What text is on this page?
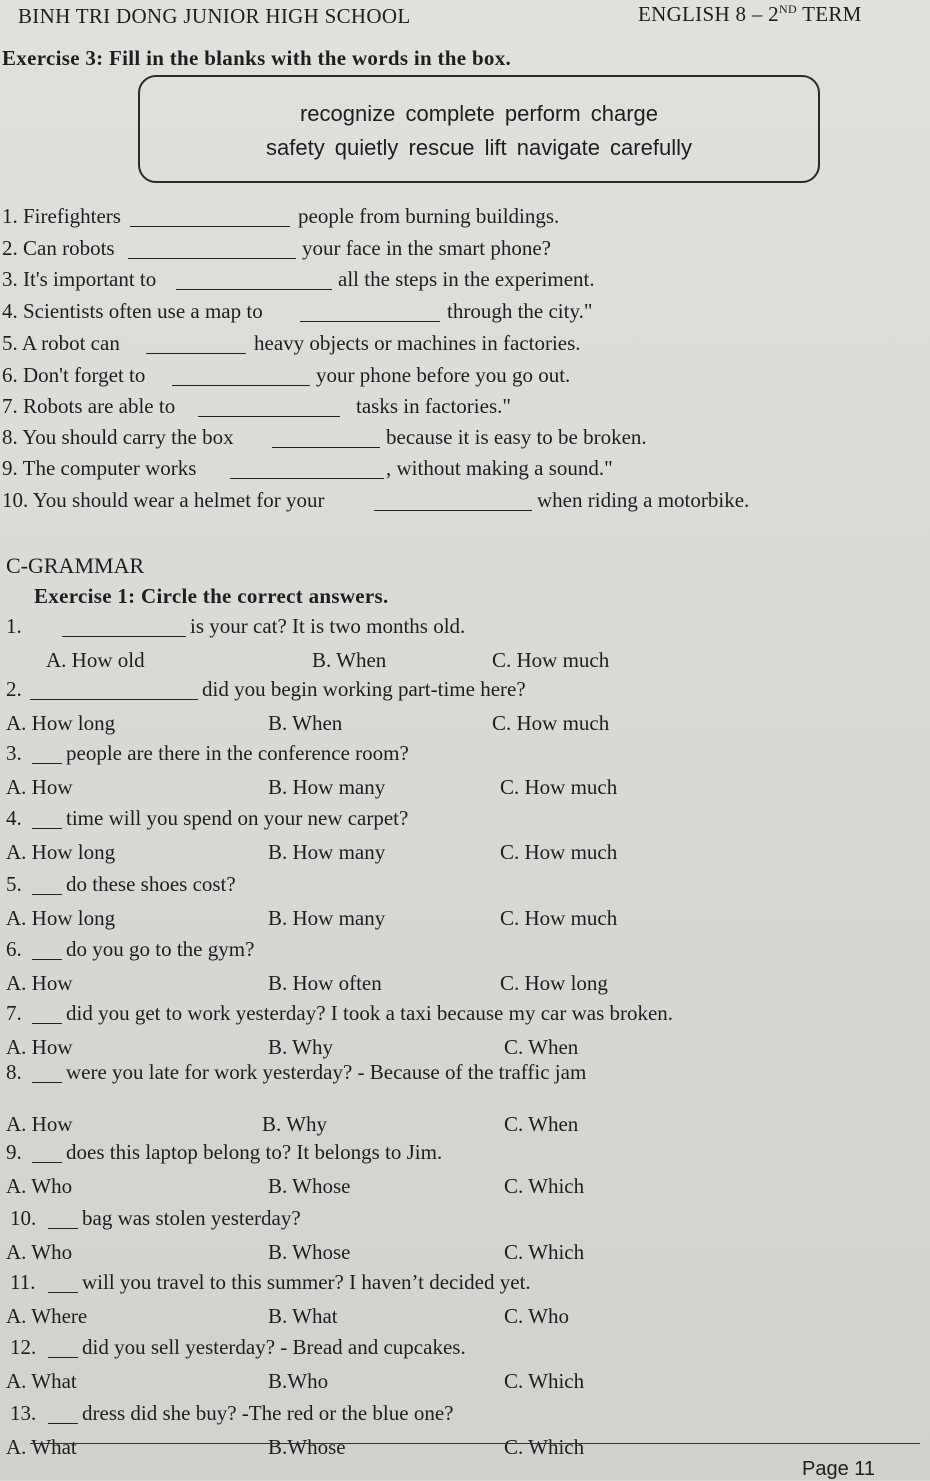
BINH TRI DONG JUNIOR HIGH SCHOOL	ENGLISH 8 – 2ND TERM
Exercise 3: Fill in the blanks with the words in the box.
recognize complete perform charge
safety quietly rescue lift navigate carefully
1. Firefighters	people from burning buildings.
2. Can robots	your face in the smart phone?
3. It's important to	all the steps in the experiment.
4. Scientists often use a map to	through the city."
5. A robot can	heavy objects or machines in factories.
6. Don't forget to	your phone before you go out.
7. Robots are able to	tasks in factories."
8. You should carry the box	because it is easy to be broken.
9. The computer works	, without making a sound."
10. You should wear a helmet for your	when riding a motorbike.
C-GRAMMAR
Exercise 1: Circle the correct answers.
1.	is your cat? It is two months old.
A. How old	B. When	C. How much
2.	did you begin working part-time here?
A. How long	B. When	C. How much
3. people are there in the conference room?
A. How	B. How many	C. How much
4. time will you spend on your new carpet?
A. How long	B. How many	C. How much
5. do these shoes cost?
A. How long	B. How many	C. How much
6. do you go to the gym?
A. How	B. How often	C. How long
7. did you get to work yesterday? I took a taxi because my car was broken.
A. How	B. Why	C. When
8. were you late for work yesterday? - Because of the traffic jam
A. How	B. Why	C. When
9. does this laptop belong to? It belongs to Jim.
A. Who	B. Whose	C. Which
10. bag was stolen yesterday?
A. Who	B. Whose	C. Which
11. will you travel to this summer? I haven’t decided yet.
A. Where	B. What	C. Who
12. did you sell yesterday? - Bread and cupcakes.
A. What	B.Who	C. Which
13. dress did she buy? -The red or the blue one?
A. What	B.Whose	C. Which
Page 11
